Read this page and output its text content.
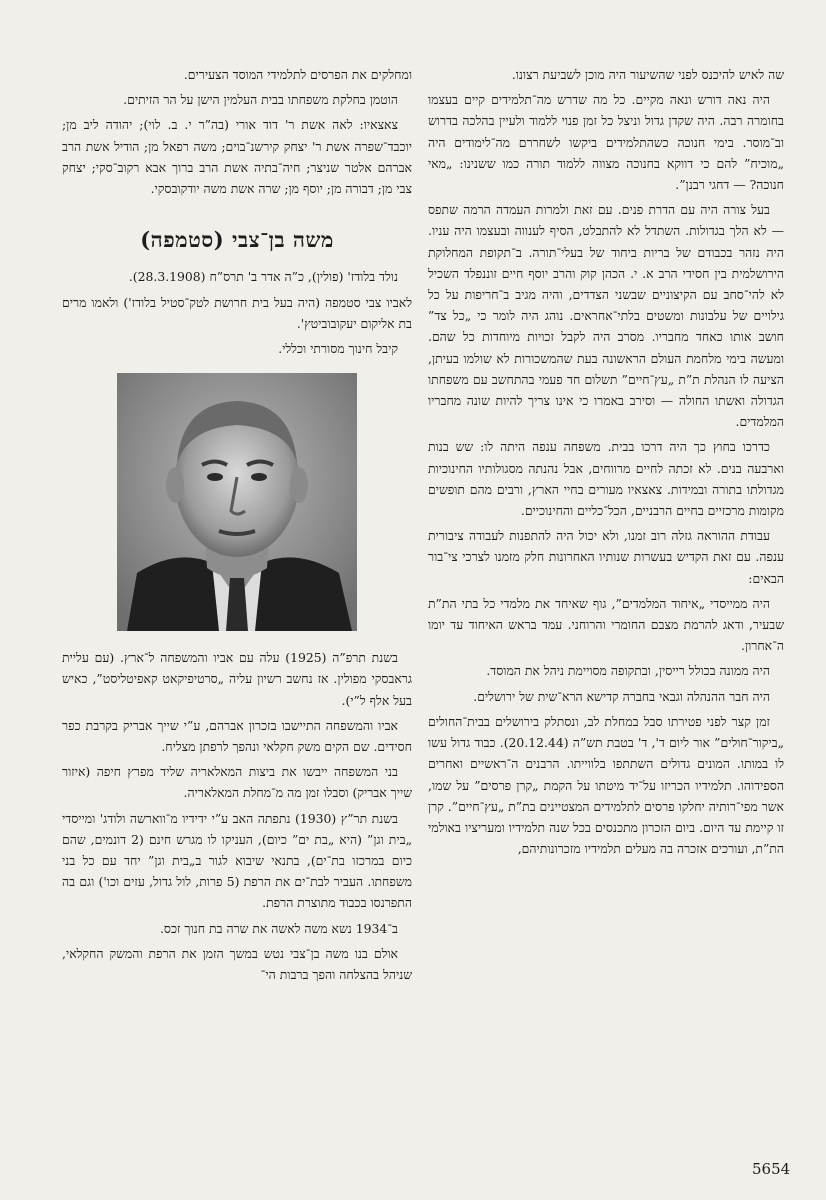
שה לאיש להיכנס לפני שהשיעור היה מוכן לשביעת רצונו.

היה נאה דורש ונאה מקיים. כל מה שדרש מה־תלמידים קיים בעצמו בחומרה רבה. היה שקדן גדול וניצל כל זמן פנוי ללמוד ולעיין בהלכה בדרוש וב־מוסר. בימי חנוכה כשהתלמידים ביקשו לשחררם מה־לימודים היה „מוכיח” להם כי דווקא בחנוכה מצווה ללמוד תורה כמו ששנינו: „מאי חנוכה? — דחגי רבנן”.

בעל צורה היה עם הדרת פנים. עם זאת ולמרות העמדה הרמה שתפס — לא הלך בגדולות. השתדל לא להתבלט, הסיף לענווה ובעצמו היה עניו. היה נזהר בכבודם של בריות ביחוד של בעלי־תורה. ב־תקופת המחלוקת הירושלמית בין חסידי הרב א. י. הכהן קוק והרב יוסף חיים זוננפלד השכיל לא להי־סחב עם הקיצוניים שבשני הצדדים, והיה מגיב ב־חריפות על כל גילויים של עלבונות ומשטים בלתי־אחראים. נוהג היה לומר כי „כל צד” חושב אותו כאחד מחבריו. מסרב היה לקבל זכויות מיוחדות כל שהם. ומעשה בימי מלחמת העולם הראשונה בעת שהמשכורות לא שולמו בעיתן, הציעה לו הנהלת ת”ת „עץ־חיים” תשלום חד פעמי בהתחשב עם משפחתו הגדולה ואשתו החולה — וסירב באמרו כי אינו צריך להיות שונה מחבריו המלמדים.

כדרכו בחוץ כך היה דרכו בבית. משפחה ענפה היתה לו: שש בנות וארבעה בנים. לא זכתה לחיים מרווחים, אבל נהנתה מסגולותיו החינוכיות מגדולתו בתורה ובמידות. צאצאיו מעורים בחיי הארץ, ורבים מהם תופשים מקומות מרכזיים בחיים הרבניים, הכל־כליים והחינוכיים.

עבודת ההוראה גזלה רוב זמנו, ולא יכול היה להתפנות לעבודה ציבורית ענפה. עם זאת הקדיש בעשרות שנותיו האחרונות חלק מזמנו לצרכי צי־בור הבאים:

היה ממייסדי „איחוד המלמדים”, גוף שאיחד את מלמדי כל בתי הת”ת שבעיר, ודאג להרמת מצבם החומרי והרוחני. עמד בראש האיחוד עד יומו ה־אחרון.

היה ממונה בכולל רייסין, ובתקופה מסויימת ניהל את המוסד.

היה חבר ההנהלה וגבאי בחברה קדישא הרא־שית של ירושלים.

זמן קצר לפני פטירתו סבל במחלת לב, ונסתלק בירושלים בבית־החולים „ביקור־חולים” אור ליום ד', ד' בטבת תש”ה (20.12.44). כבוד גדול עשו לו במותו. המונים גדולים השתתפו בלווייתו. הרבנים ה־ראשיים ואחרים הספידוהו. תלמידיו הכריזו על־יד מיטתו על הקמת „קרן פרסים” על שמו, אשר מפי־רותיה יחלקו פרסים לתלמידים המצטיינים בת”ת „עץ־חיים”. קרן זו קיימת עד היום. ביום הזכרון מתכנסים בכל שנה תלמידיו ומעריציו באולמי הת”ת, ועורכים אזכרה בה מעלים תלמידיו מזכרונותיהם,

ומחלקים את הפרסים לתלמידי המוסד הצעירים.

הוטמן בחלקת משפחתו בבית העלמין הישן על הר הזיתים.

צאצאיו: לאה אשת ר' דוד אורי (בה”ר י. ב. לוי); יהודה ליב מן; יוכבד־שפרה אשת ר' יצחק קירשנ־בוים; משה רפאל מן; הודיל אשת הרב אברהם אלטר שניצר; חיה־בתיה אשת הרב ברוך אבא רקוב־סקי; יצחק צבי מן; דבורה מן; יוסף מן; שרה אשת משה יודקובסקי.

משה בן־צבי (סטמפה)

נולד בלודז' (פולין), כ”ה אדר ב' תרס”ח (28.3.1908).

לאביו צבי סטמפה (היה בעל בית חרושת לטק־סטיל בלודז') ולאמו מרים בת אליקום יעקובוביטץ'.

קיבל חינוך מסורתי וכללי.

בשנת תרפ”ה (1925) עלה עם אביו והמשפחה ל־ארץ. (עם עליית גראבסקי מפולין. אז נחשב רשיון עליה „סרטיפיקאט קאפיטליסט”, כאיש בעל אלף ל”י).

אביו והמשפחה התיישבו בזכרון אברהם, ע”י שייך אבריק בקרבת כפר חסידים. שם הקים משק חקלאי ונהפך לרפתן מצליח.

בני המשפחה ייבשו את ביצות המאלאריה שליד מפרץ חיפה (איזור שייך אבריק) וסבלו זמן מה מ־מחלת המאלאריה.

בשנת תר”ץ (1930) נתפתה האב ע”י ידידיו מ־ווארשה ולודג' ומייסדי „בית וגן” (היא „בת ים” כיום), העניקו לו מגרש חינם (2 דונמים, שהם כיום במרכזו בת־ים), בתנאי שיבוא לגור ב„בית וגן” יחד עם כל בני משפחתו. העביר לבת־ים את הרפת (5 פרות, לול גדול, עזים וכו') וגם בה התפרנסו בכבוד מתוצרת הרפת.

ב־1934 נשא משה לאשה את שרה בת חנוך זכס.

אולם בנו משה בן־צבי נטש במשך הזמן את הרפת והמשק החקלאי, שניהל בהצלחה והפך ברבות הי־

5654
